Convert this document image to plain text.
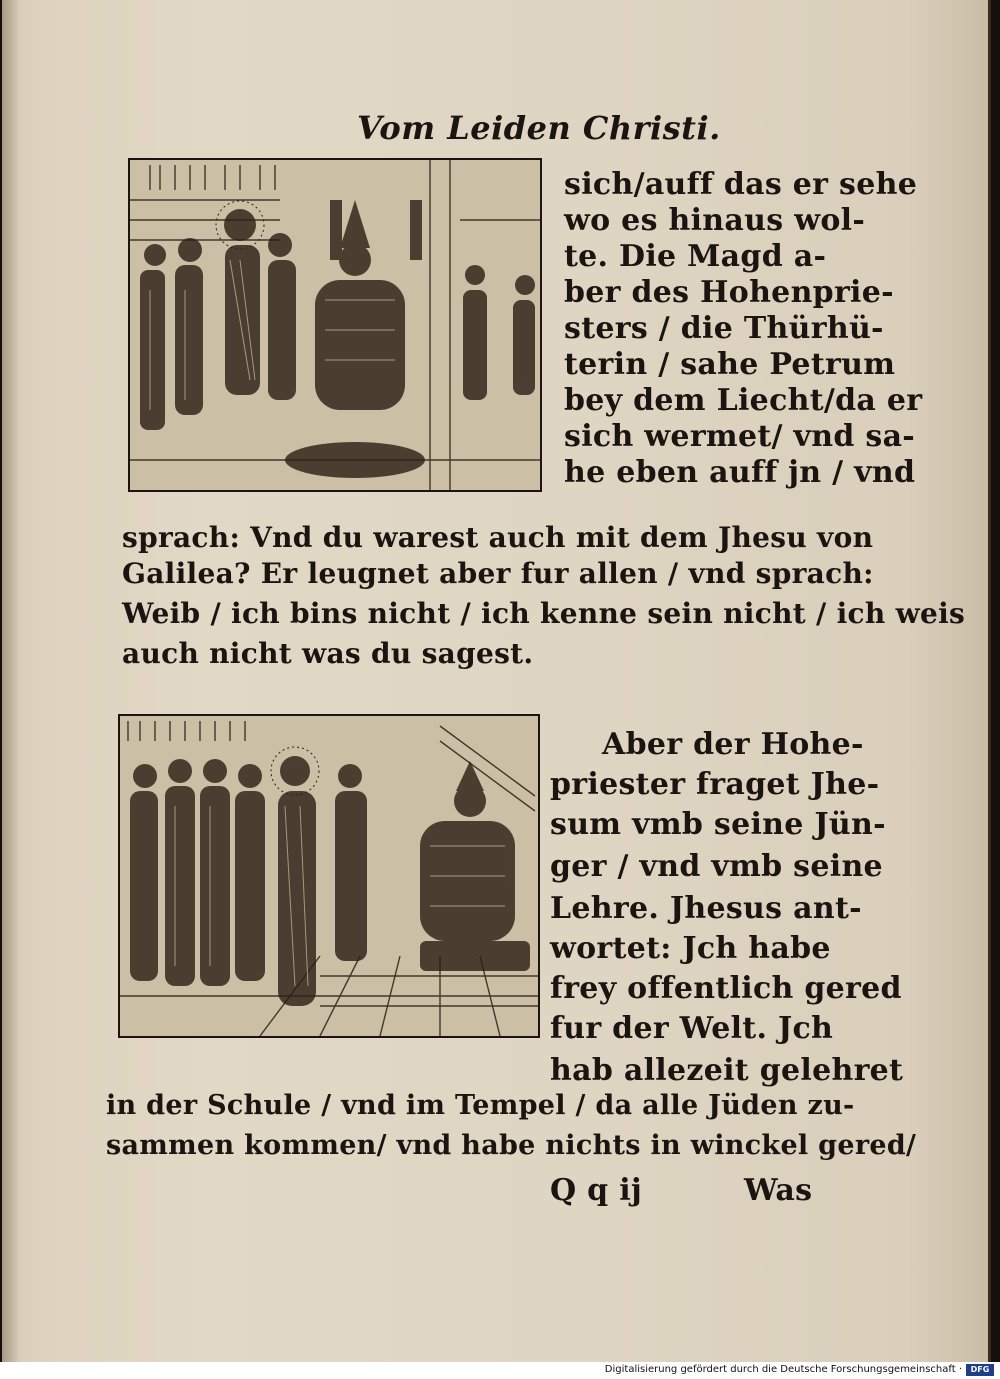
Vom Leiden Christi.
sich/auff das er sehe
wo es hinaus wol-
te. Die Magd a-
ber des Hohenprie-
sters / die Thürhü-
terin / sahe Petrum
bey dem Liecht/da er
sich wermet/ vnd sa-
he eben auff jn / vnd
sprach: Vnd du warest auch mit dem Jhesu von
Galilea? Er leugnet aber fur allen / vnd sprach:
Weib / ich bins nicht / ich kenne sein nicht / ich weis
auch nicht was du sagest.
Aber der Hohe-
priester fraget Jhe-
sum vmb seine Jün-
ger / vnd vmb seine
Lehre. Jhesus ant-
wortet: Jch habe
frey offentlich gered
fur der Welt. Jch
hab allezeit gelehret
in der Schule / vnd im Tempel / da alle Jüden zu-
sammen kommen/ vnd habe nichts in winckel gered/
Q q ij	Was
Digitalisierung gefördert durch die Deutsche Forschungsgemeinschaft ·	DFG
